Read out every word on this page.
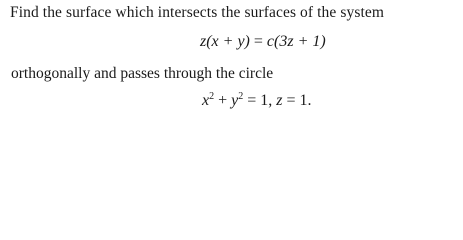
Find the surface which intersects the surfaces of the system
z(x + y) = c(3z + 1)
orthogonally and passes through the circle
$x^2 + y^2 = 1$, z = 1.
